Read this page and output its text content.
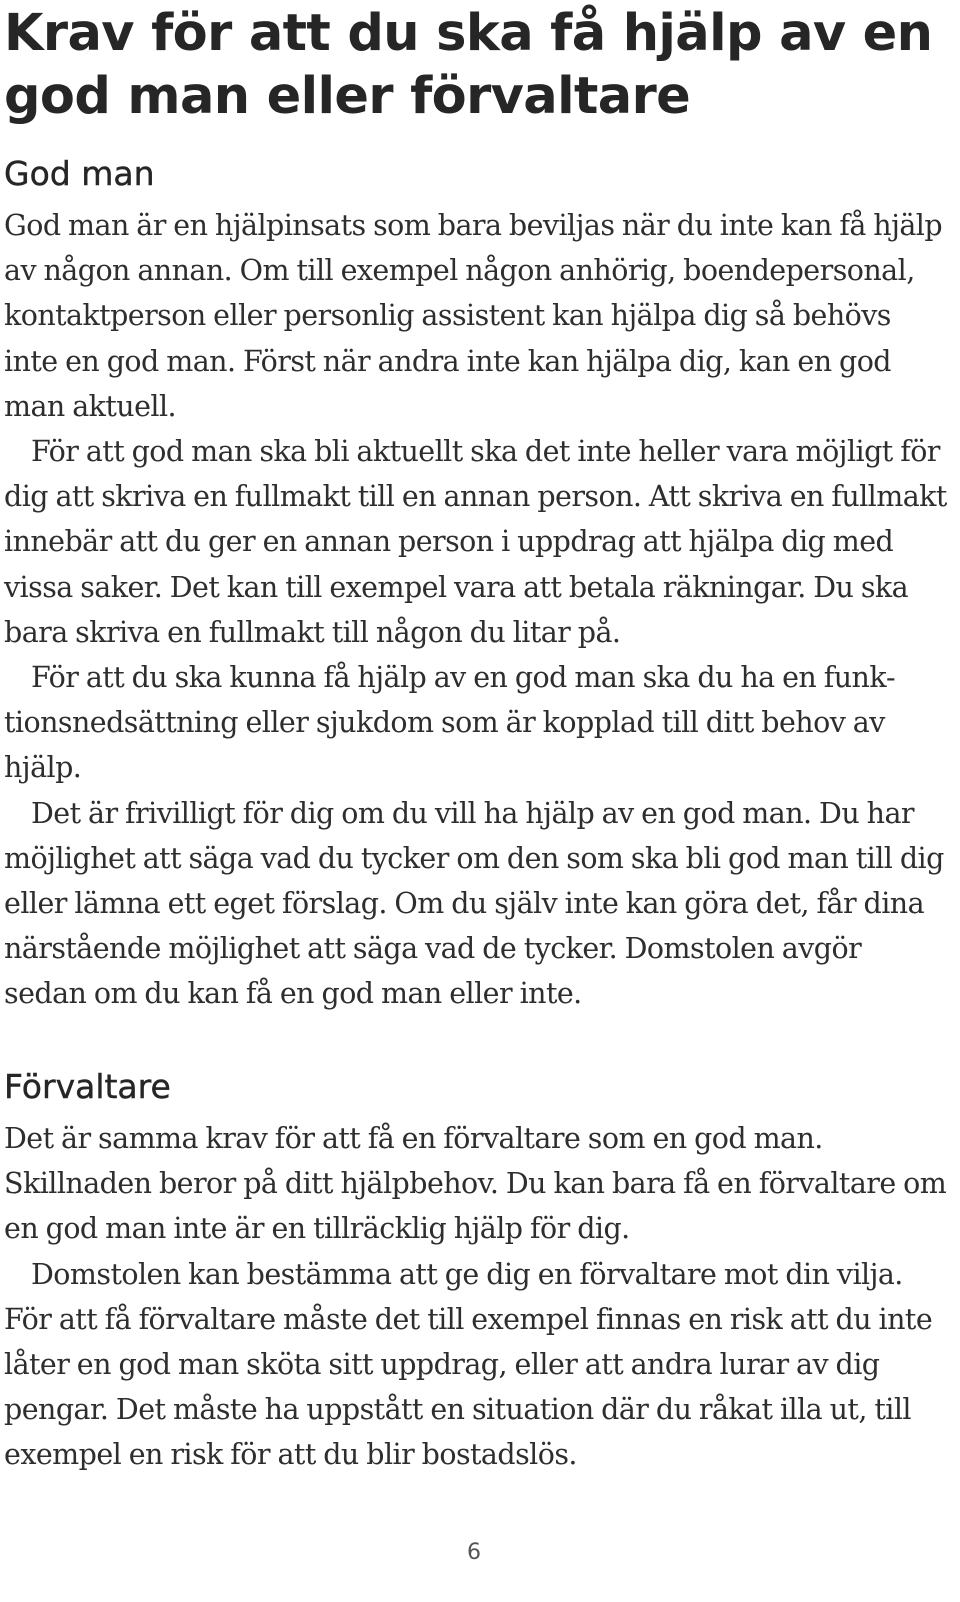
Krav för att du ska få hjälp av en god man eller förvaltare
God man

God man är en hjälpinsats som bara beviljas när du inte kan få hjälp av någon annan. Om till exempel någon anhörig, boendepersonal, kontaktperson eller personlig assistent kan hjälpa dig så behövs inte en god man. Först när andra inte kan hjälpa dig, kan en god man aktuell.

För att god man ska bli aktuellt ska det inte heller vara möjligt för dig att skriva en fullmakt till en annan person. Att skriva en fullmakt innebär att du ger en annan person i uppdrag att hjälpa dig med vissa saker. Det kan till exempel vara att betala räkningar. Du ska bara skriva en fullmakt till någon du litar på.

För att du ska kunna få hjälp av en god man ska du ha en funktionsnedsättning eller sjukdom som är kopplad till ditt behov av hjälp.

Det är frivilligt för dig om du vill ha hjälp av en god man. Du har möjlighet att säga vad du tycker om den som ska bli god man till dig eller lämna ett eget förslag. Om du själv inte kan göra det, får dina närstående möjlighet att säga vad de tycker. Domstolen avgör sedan om du kan få en god man eller inte.

Förvaltare

Det är samma krav för att få en förvaltare som en god man. Skillnaden beror på ditt hjälpbehov. Du kan bara få en förvaltare om en god man inte är en tillräcklig hjälp för dig.

Domstolen kan bestämma att ge dig en förvaltare mot din vilja. För att få förvaltare måste det till exempel finnas en risk att du inte låter en god man sköta sitt uppdrag, eller att andra lurar av dig pengar. Det måste ha uppstått en situation där du råkat illa ut, till exempel en risk för att du blir bostadslös.

6
